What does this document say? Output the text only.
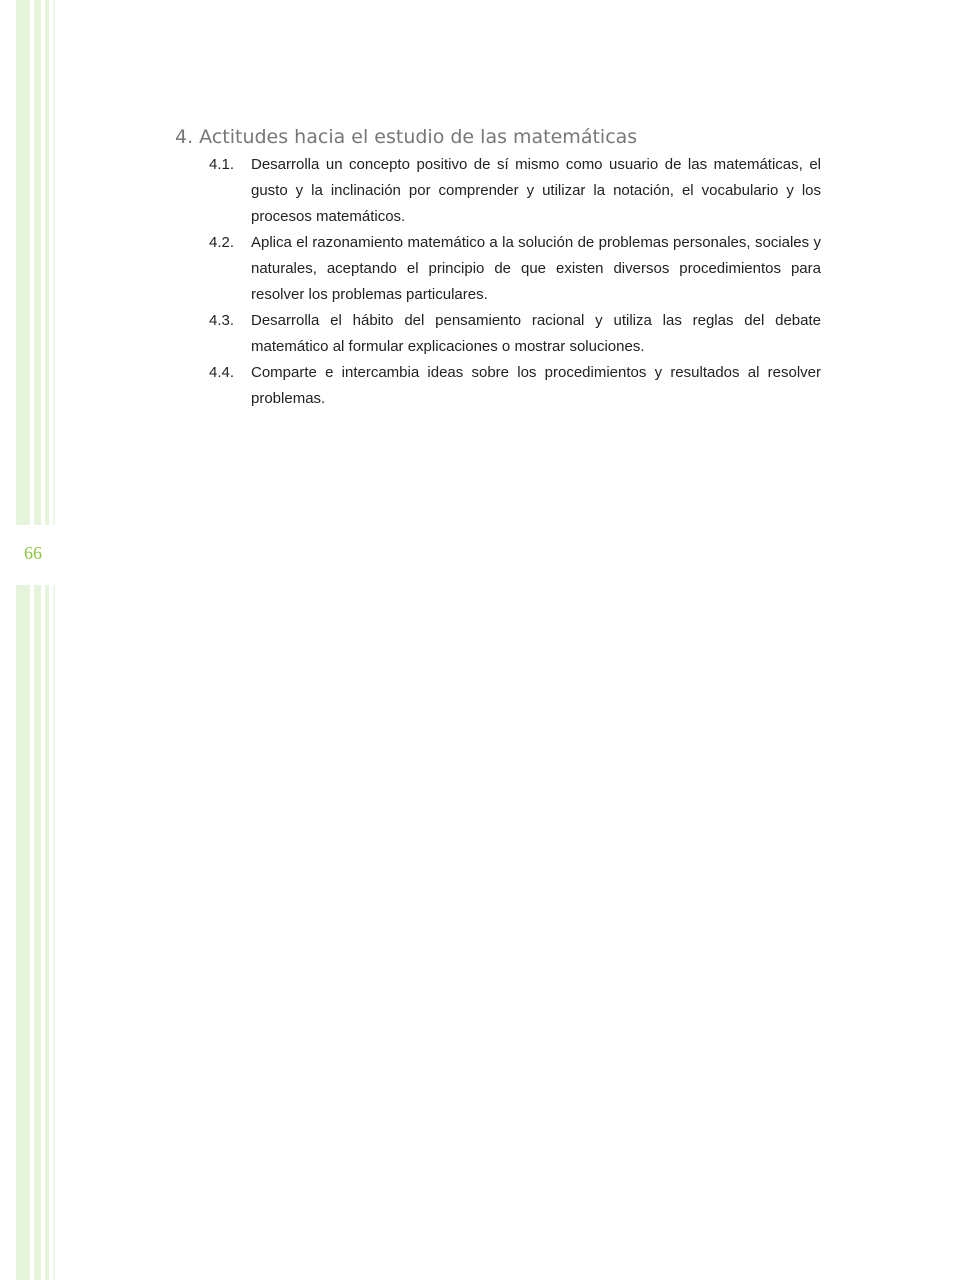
66
4. Actitudes hacia el estudio de las matemáticas
4.1. Desarrolla un concepto positivo de sí mismo como usuario de las matemáticas, el gusto y la inclinación por comprender y utilizar la notación, el vocabulario y los procesos matemáticos.
4.2. Aplica el razonamiento matemático a la solución de problemas personales, sociales y naturales, aceptando el principio de que existen diversos procedimientos para resolver los problemas particulares.
4.3. Desarrolla el hábito del pensamiento racional y utiliza las reglas del debate matemático al formular explicaciones o mostrar soluciones.
4.4. Comparte e intercambia ideas sobre los procedimientos y resultados al resolver problemas.
